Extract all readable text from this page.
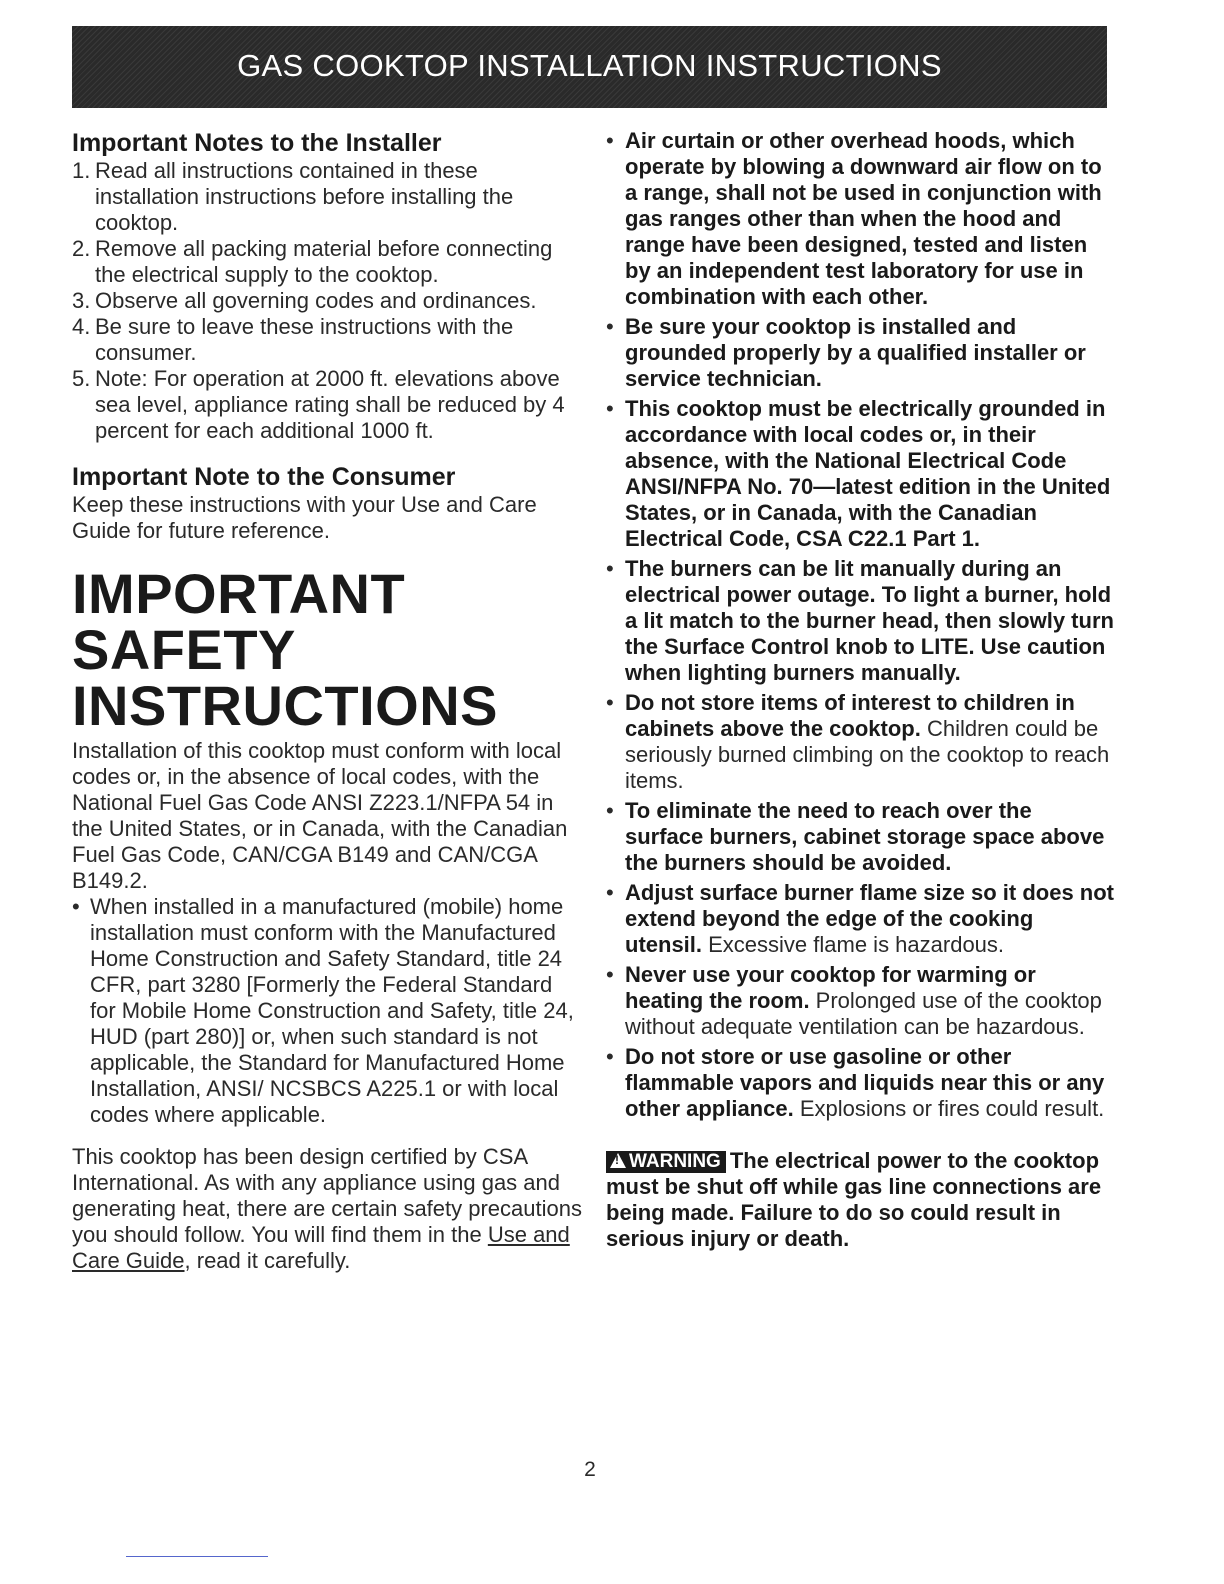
GAS COOKTOP INSTALLATION INSTRUCTIONS
Important Notes to the Installer
1. Read all instructions contained in these installation instructions before installing the cooktop.
2. Remove all packing material before connecting the electrical supply to the cooktop.
3. Observe all governing codes and ordinances.
4. Be sure to leave these instructions with the consumer.
5. Note: For operation at 2000 ft. elevations above sea level, appliance rating shall be reduced by 4 percent for each additional 1000 ft.
Important Note to the Consumer
Keep these instructions with your Use and Care Guide for future reference.
IMPORTANT SAFETY
INSTRUCTIONS
Installation of this cooktop must conform with local codes or, in the absence of local codes, with the National Fuel Gas Code ANSI Z223.1/NFPA 54 in the United States, or in Canada, with the Canadian Fuel Gas Code, CAN/CGA B149 and CAN/CGA B149.2.
• When installed in a manufactured (mobile) home installation must conform with the Manufactured Home Construction and Safety Standard, title 24 CFR, part 3280 [Formerly the Federal Standard for Mobile Home Construction and Safety, title 24, HUD (part 280)] or, when such standard is not applicable, the Standard for Manufactured Home Installation, ANSI/ NCSBCS A225.1 or with local codes where applicable.
This cooktop has been design certified by CSA International. As with any appliance using gas and generating heat, there are certain safety precautions you should follow. You will find them in the Use and Care Guide, read it carefully.
• Air curtain or other overhead hoods, which operate by blowing a downward air flow on to a range, shall not be used in conjunction with gas ranges other than when the hood and range have been designed, tested and listen by an independent test laboratory for use in combination with each other.
• Be sure your cooktop is installed and grounded properly by a qualified installer or service technician.
• This cooktop must be electrically grounded in accordance with local codes or, in their absence, with the National Electrical Code ANSI/NFPA No. 70—latest edition in the United States, or in Canada, with the Canadian Electrical Code, CSA C22.1 Part 1.
• The burners can be lit manually during an electrical power outage. To light a burner, hold a lit match to the burner head, then slowly turn the Surface Control knob to LITE. Use caution when lighting burners manually.
• Do not store items of interest to children in cabinets above the cooktop. Children could be seriously burned climbing on the cooktop to reach items.
• To eliminate the need to reach over the surface burners, cabinet storage space above the burners should be avoided.
• Adjust surface burner flame size so it does not extend beyond the edge of the cooking utensil. Excessive flame is hazardous.
• Never use your cooktop for warming or heating the room. Prolonged use of the cooktop without adequate ventilation can be hazardous.
• Do not store or use gasoline or other flammable vapors and liquids near this or any other appliance. Explosions or fires could result.
!WARNING The electrical power to the cooktop must be shut off while gas line connections are being made. Failure to do so could result in serious injury or death.
2
